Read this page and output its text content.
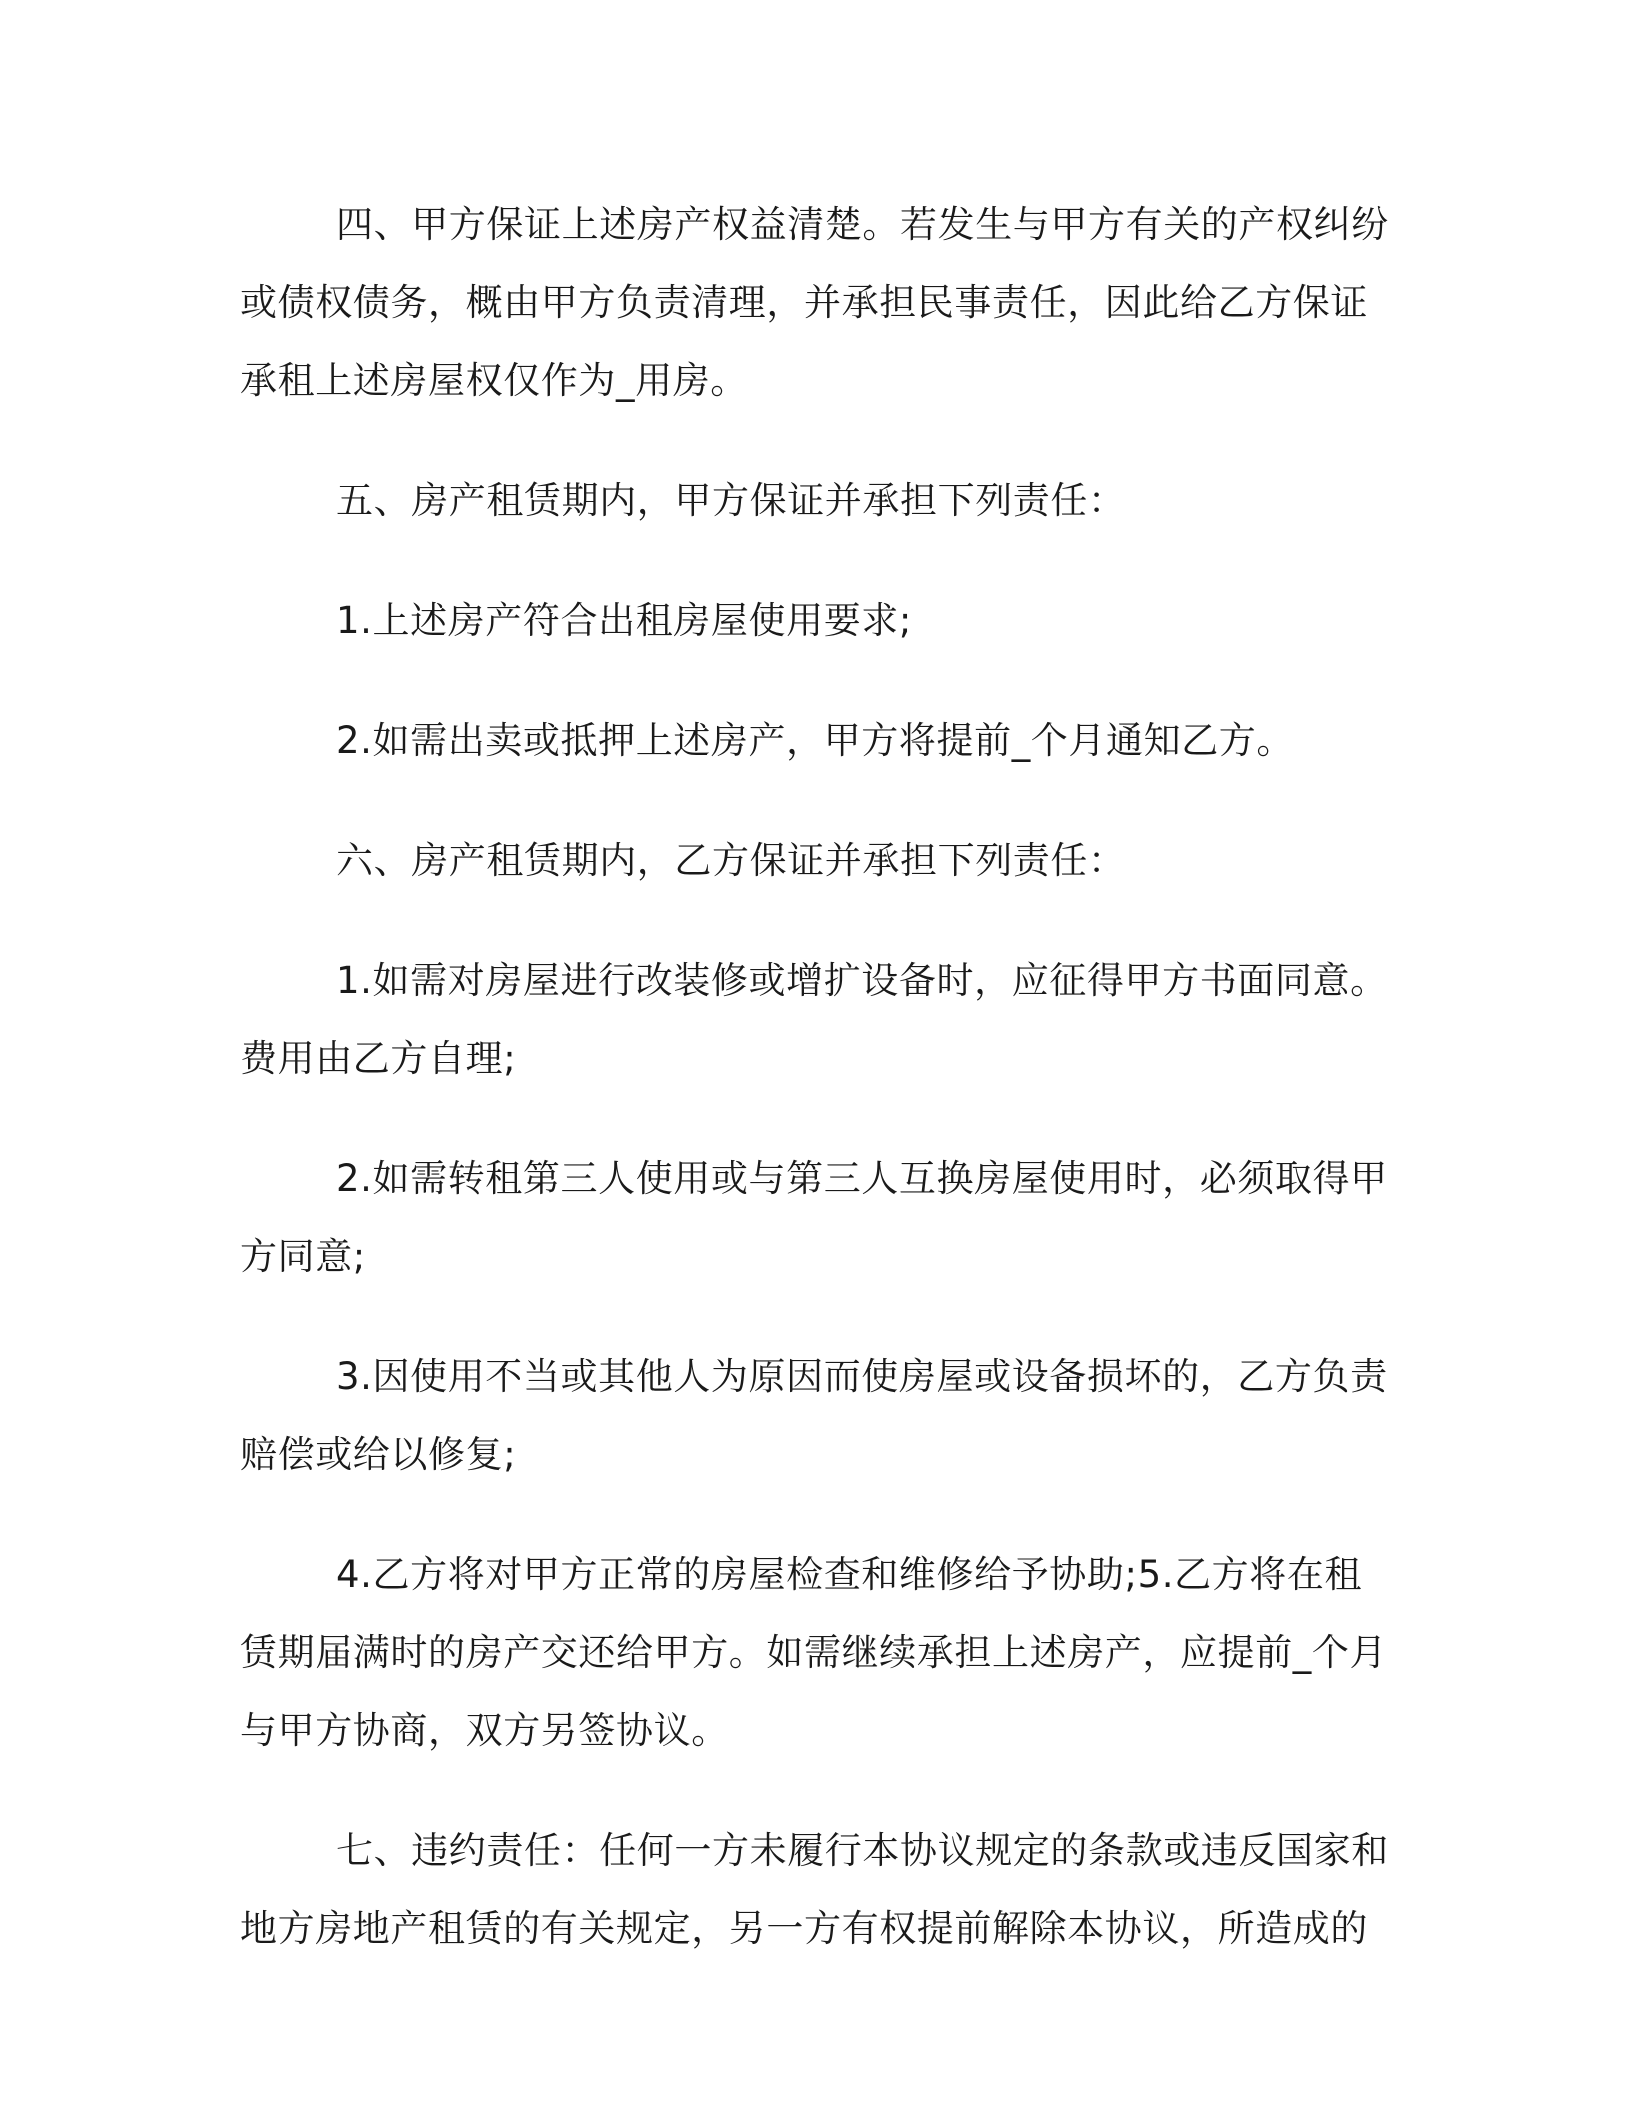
四、甲方保证上述房产权益清楚。若发生与甲方有关的产权纠纷或债权债务，概由甲方负责清理，并承担民事责任，因此给乙方保证承租上述房屋权仅作为_用房。

五、房产租赁期内，甲方保证并承担下列责任：

1.上述房产符合出租房屋使用要求;

2.如需出卖或抵押上述房产，甲方将提前_个月通知乙方。

六、房产租赁期内，乙方保证并承担下列责任：

1.如需对房屋进行改装修或增扩设备时，应征得甲方书面同意。费用由乙方自理;

2.如需转租第三人使用或与第三人互换房屋使用时，必须取得甲方同意;

3.因使用不当或其他人为原因而使房屋或设备损坏的，乙方负责赔偿或给以修复;

4.乙方将对甲方正常的房屋检查和维修给予协助;5.乙方将在租赁期届满时的房产交还给甲方。如需继续承担上述房产，应提前_个月与甲方协商，双方另签协议。

七、违约责任：任何一方未履行本协议规定的条款或违反国家和地方房地产租赁的有关规定，另一方有权提前解除本协议，所造成的
